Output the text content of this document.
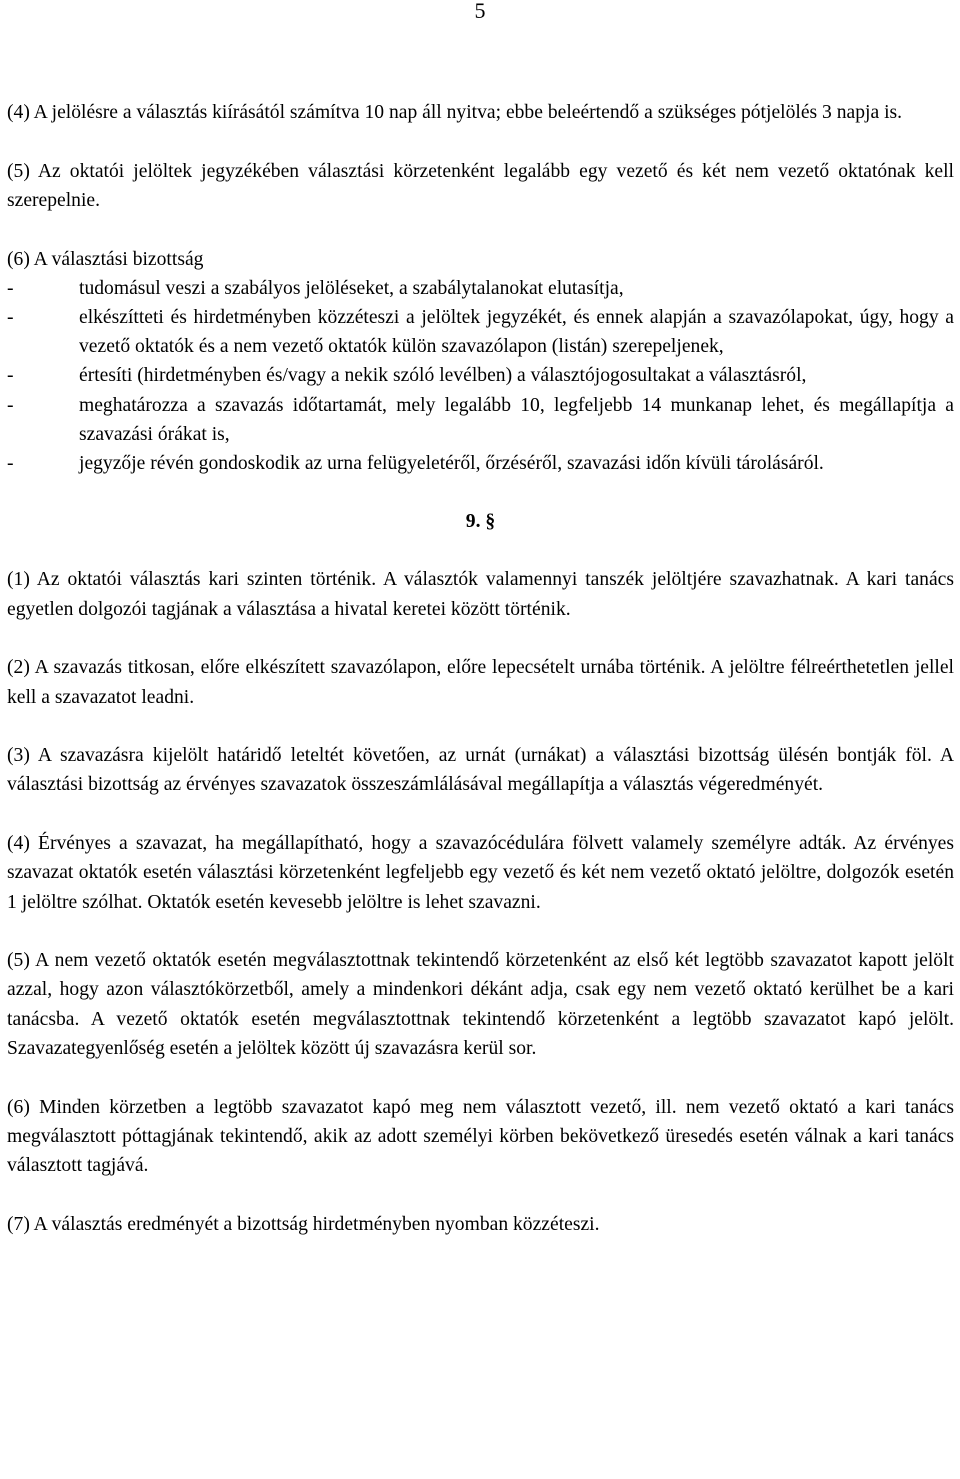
5

(4) A jelölésre a választás kiírásától számítva 10 nap áll nyitva; ebbe beleértendő a szükséges pótjelölés 3 napja is.

(5) Az oktatói jelöltek jegyzékében választási körzetenként legalább egy vezető és két nem vezető oktatónak kell szerepelnie.

(6) A választási bizottság

-	tudomásul veszi a szabályos jelöléseket, a szabálytalanokat elutasítja,
-	elkészítteti és hirdetményben közzéteszi a jelöltek jegyzékét, és ennek alapján a szavazólapokat, úgy, hogy a vezető oktatók és a nem vezető oktatók külön szavazólapon (listán) szerepeljenek,
-	értesíti (hirdetményben és/vagy a nekik szóló levélben) a választójogosultakat a választásról,
-	meghatározza a szavazás időtartamát, mely legalább 10, legfeljebb 14 munkanap lehet, és megállapítja a szavazási órákat is,
-	jegyzője révén gondoskodik az urna felügyeletéről, őrzéséről, szavazási időn kívüli tárolásáról.
9. §

(1) Az oktatói választás kari szinten történik. A választók valamennyi tanszék jelöltjére szavazhatnak. A kari tanács egyetlen dolgozói tagjának a választása a hivatal keretei között történik.

(2) A szavazás titkosan, előre elkészített szavazólapon, előre lepecsételt urnába történik. A jelöltre félreérthetetlen jellel kell a szavazatot leadni.

(3) A szavazásra kijelölt határidő leteltét követően, az urnát (urnákat) a választási bizottság ülésén bontják föl. A választási bizottság az érvényes szavazatok összeszámlálásával megállapítja a választás végeredményét.

(4) Érvényes a szavazat, ha megállapítható, hogy a szavazócédulára fölvett valamely személyre adták. Az érvényes szavazat oktatók esetén választási körzetenként legfeljebb egy vezető és két nem vezető oktató jelöltre, dolgozók esetén 1 jelöltre szólhat. Oktatók esetén kevesebb jelöltre is lehet szavazni.

(5) A nem vezető oktatók esetén megválasztottnak tekintendő körzetenként az első két legtöbb szavazatot kapott jelölt azzal, hogy azon választókörzetből, amely a mindenkori dékánt adja, csak egy nem vezető oktató kerülhet be a kari tanácsba. A vezető oktatók esetén megválasztottnak tekintendő körzetenként a legtöbb szavazatot kapó jelölt. Szavazategyenlőség esetén a jelöltek között új szavazásra kerül sor.

(6) Minden körzetben a legtöbb szavazatot kapó meg nem választott vezető, ill. nem vezető oktató a kari tanács megválasztott póttagjának tekintendő, akik az adott személyi körben bekövetkező üresedés esetén válnak a kari tanács választott tagjává.

(7) A választás eredményét a bizottság hirdetményben nyomban közzéteszi.
